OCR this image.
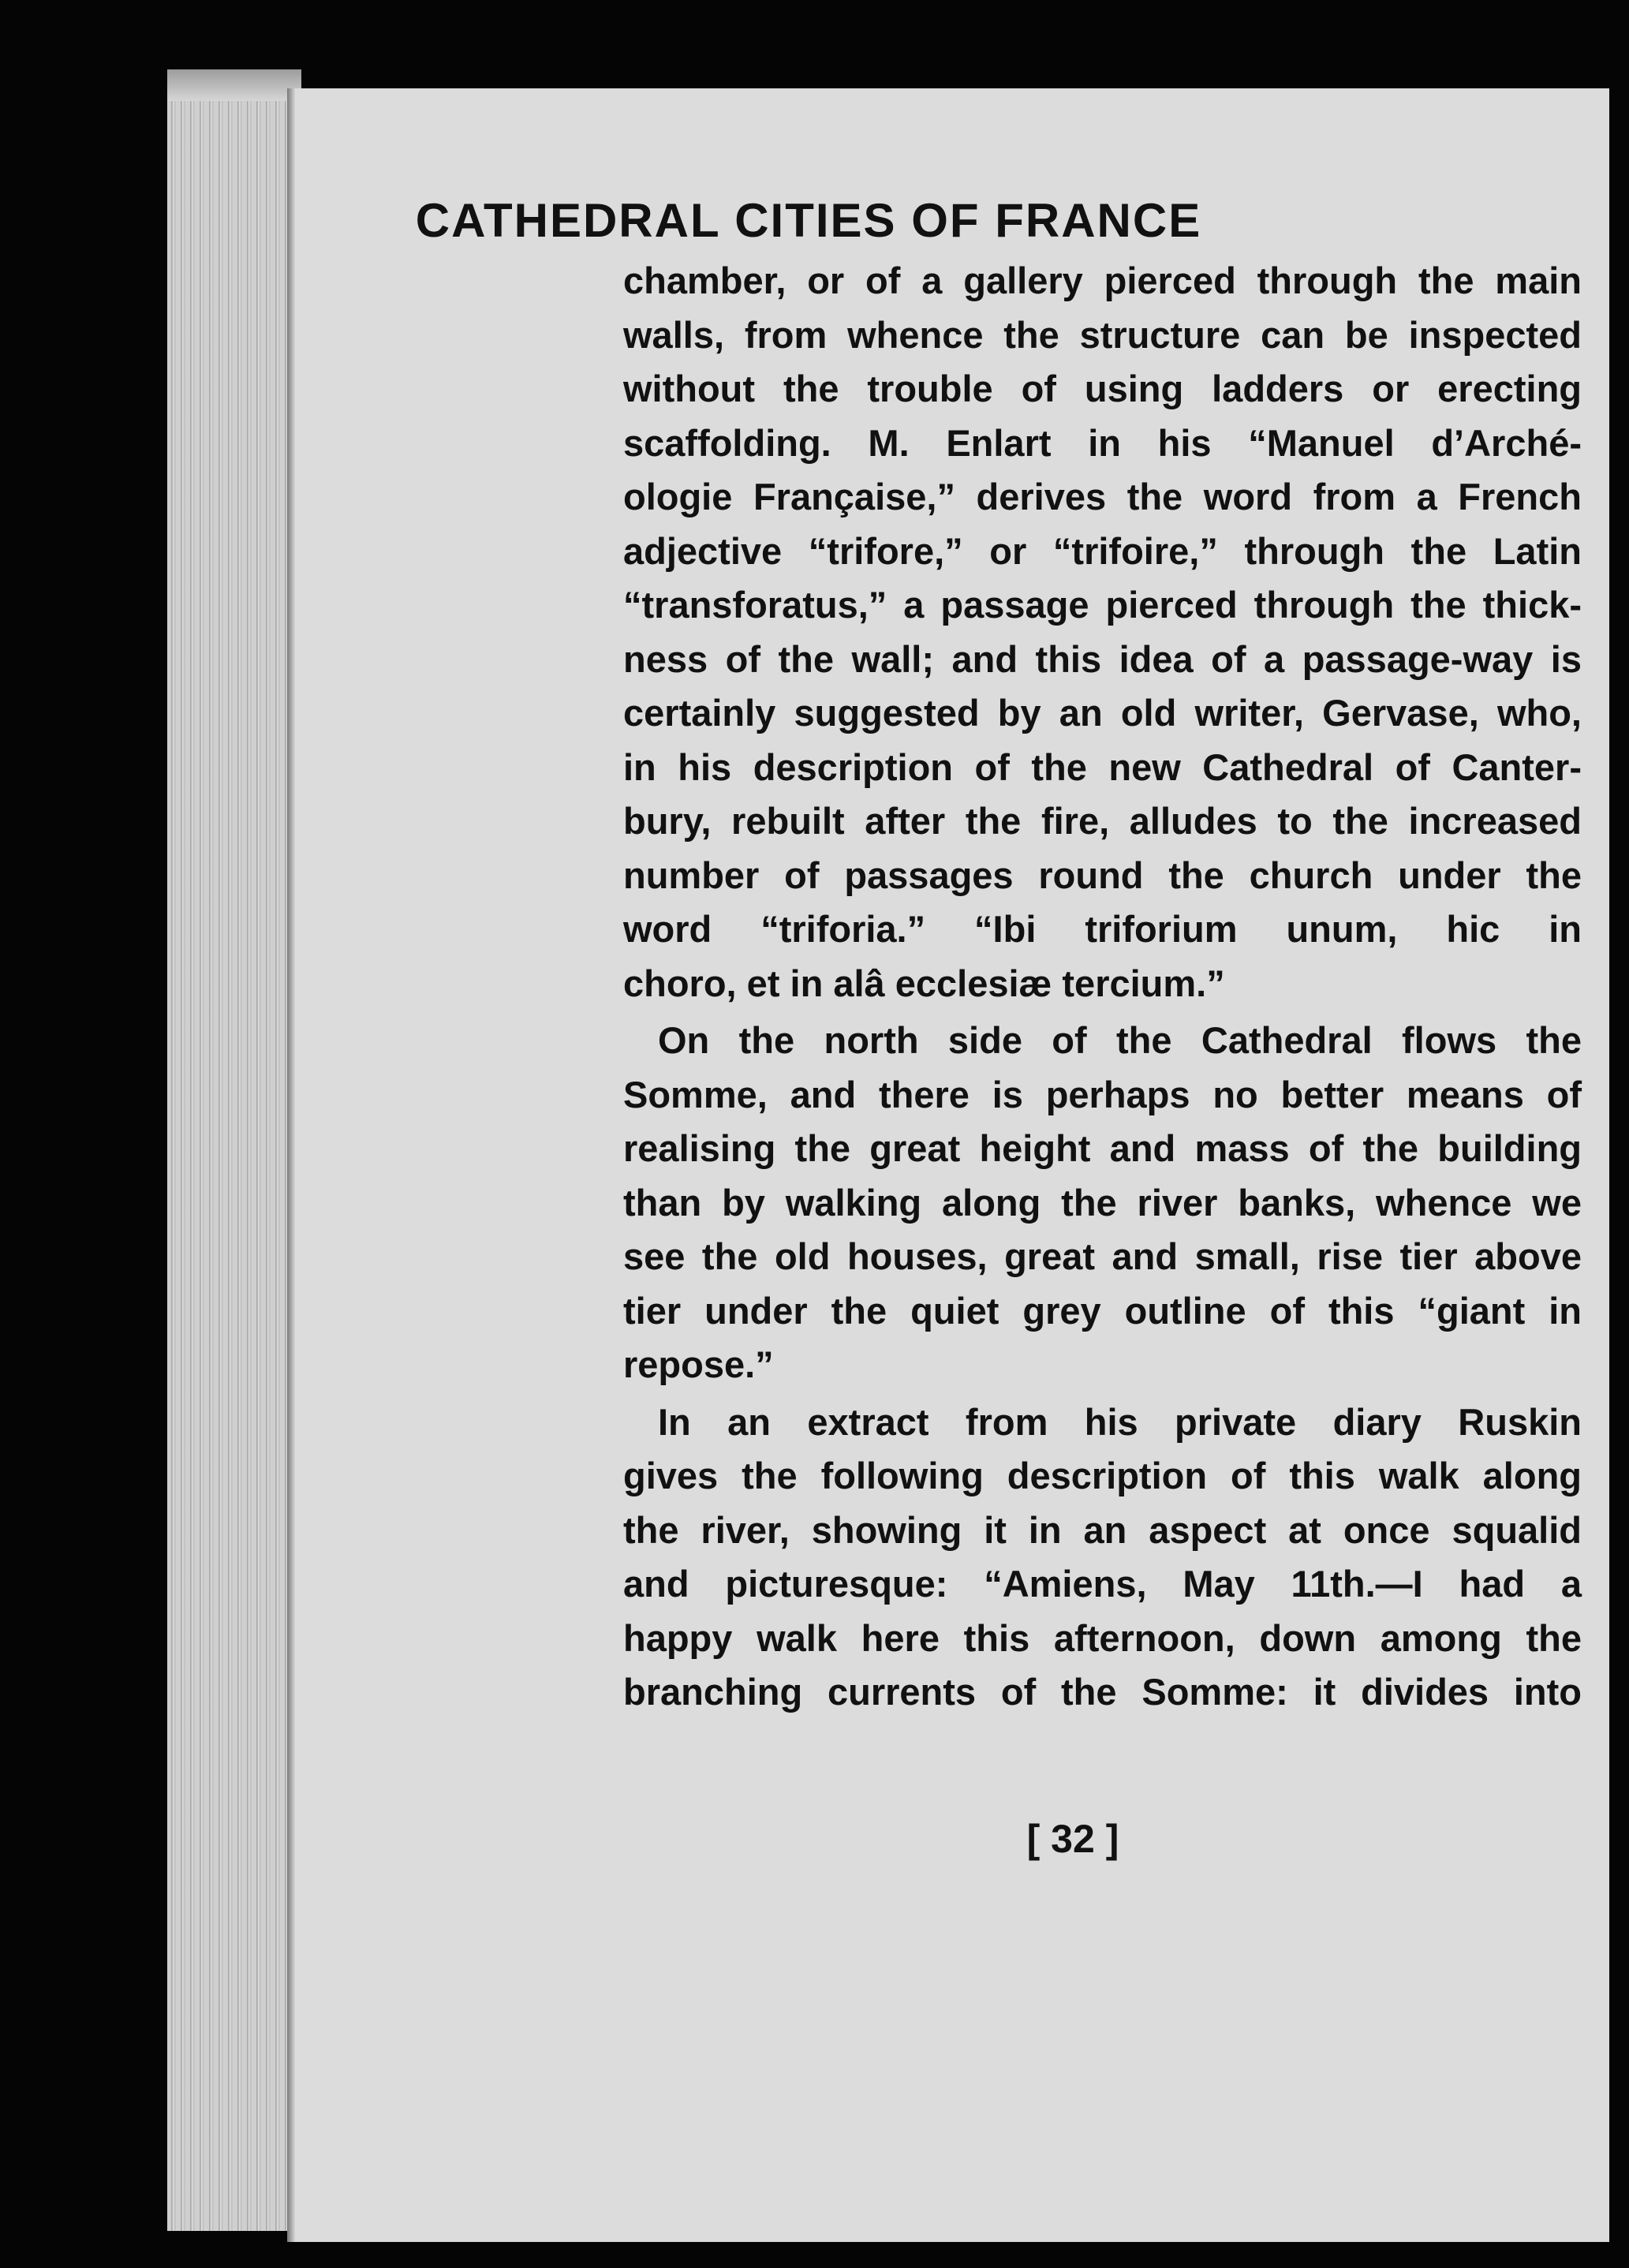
CATHEDRAL CITIES OF FRANCE
chamber, or of a gallery pierced through the main
walls, from whence the structure can be inspected
without the trouble of using ladders or erecting
scaffolding. M. Enlart in his “Manuel d’Arché-
ologie Française,” derives the word from a French
adjective “trifore,” or “trifoire,” through the Latin
“transforatus,” a passage pierced through the thick-
ness of the wall; and this idea of a passage-way is
certainly suggested by an old writer, Gervase, who,
in his description of the new Cathedral of Canter-
bury, rebuilt after the fire, alludes to the increased
number of passages round the church under the
word “triforia.” “Ibi triforium unum, hic in
choro, et in alâ ecclesiæ tercium.”
On the north side of the Cathedral flows the
Somme, and there is perhaps no better means of
realising the great height and mass of the building
than by walking along the river banks, whence we
see the old houses, great and small, rise tier above
tier under the quiet grey outline of this “giant in
repose.”
In an extract from his private diary Ruskin
gives the following description of this walk along
the river, showing it in an aspect at once squalid
and picturesque: “Amiens, May 11th.—I had a
happy walk here this afternoon, down among the
branching currents of the Somme: it divides into
[ 32 ]
